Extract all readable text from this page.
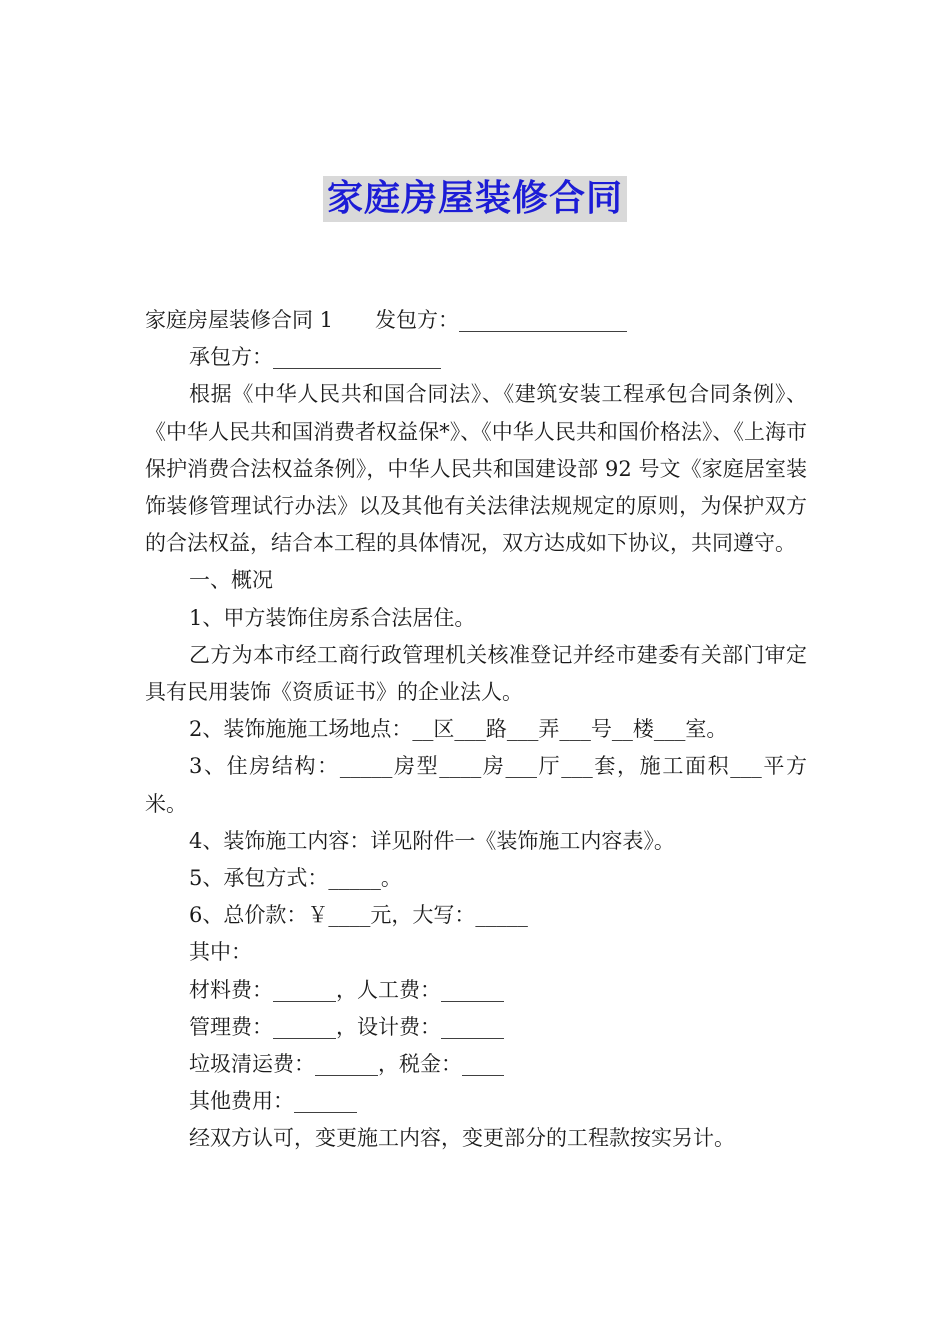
家庭房屋装修合同

家庭房屋装修合同 1　　发包方：________________

承包方：________________

根据《中华人民共和国合同法》、《建筑安装工程承包合同条例》、《中华人民共和国消费者权益保*》、《中华人民共和国价格法》、《上海市保护消费合法权益条例》，中华人民共和国建设部 92 号文《家庭居室装饰装修管理试行办法》以及其他有关法律法规规定的原则，为保护双方的合法权益，结合本工程的具体情况，双方达成如下协议，共同遵守。

一、概况

1、甲方装饰住房系合法居住。

乙方为本市经工商行政管理机关核准登记并经市建委有关部门审定具有民用装饰《资质证书》的企业法人。

2、装饰施施工场地点：__区___路___弄___号__楼___室。

3、住房结构：_____房型____房___厅___套，施工面积___平方米。

4、装饰施工内容：详见附件一《装饰施工内容表》。

5、承包方式：_____。

6、总价款：￥____元，大写：_____

其中：

材料费：______，人工费：______

管理费：______，设计费：______

垃圾清运费：______，税金：____

其他费用：______

经双方认可，变更施工内容，变更部分的工程款按实另计。
